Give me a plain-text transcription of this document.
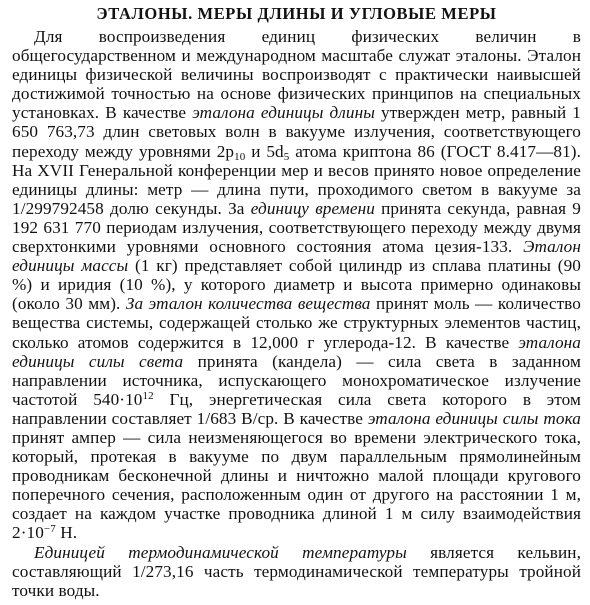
ЭТАЛОНЫ. МЕРЫ ДЛИНЫ И УГЛОВЫЕ МЕРЫ

Для воспроизведения единиц физических величин в общегосударственном и международном масштабе служат эталоны. Эталон единицы физической величины воспроизводят с практически наивысшей достижимой точностью на основе физических принципов на специальных установках. В качестве эталона единицы длины утвержден метр, равный 1 650 763,73 длин световых волн в вакууме излучения, соответствующего переходу между уровнями $2p_{10}$ и $5d_5$ атома криптона 86 (ГОСТ 8.417—81). На XVII Генеральной конференции мер и весов принято новое определение единицы длины: метр — длина пути, проходимого светом в вакууме за 1/299792458 долю секунды. За единицу времени принята секунда, равная 9 192 631 770 периодам излучения, соответствующего переходу между двумя сверхтонкими уровнями основного состояния атома цезия-133. Эталон единицы массы (1 кг) представляет собой цилиндр из сплава платины (90 %) и иридия (10 %), у которого диаметр и высота примерно одинаковы (около 30 мм). За эталон количества вещества принят моль — количество вещества системы, содержащей столько же структурных элементов частиц, сколько атомов содержится в 12,000 г углерода-12. В качестве эталона единицы силы света принята (кандела) — сила света в заданном направлении источника, испускающего монохроматическое излучение частотой $540\cdot 10^{12}$ Гц, энергетическая сила света которого в этом направлении составляет 1/683 В/ср. В качестве эталона единицы силы тока принят ампер — сила неизменяющегося во времени электрического тока, который, протекая в вакууме по двум параллельным прямолинейным проводникам бесконечной длины и ничтожно малой площади кругового поперечного сечения, расположенным один от другого на расстоянии 1 м, создает на каждом участке проводника длиной 1 м силу взаимодействия $2\cdot 10^{-7}$ Н.

Единицей термодинамической температуры является кельвин, составляющий 1/273,16 часть термодинамической температуры тройной точки воды.
